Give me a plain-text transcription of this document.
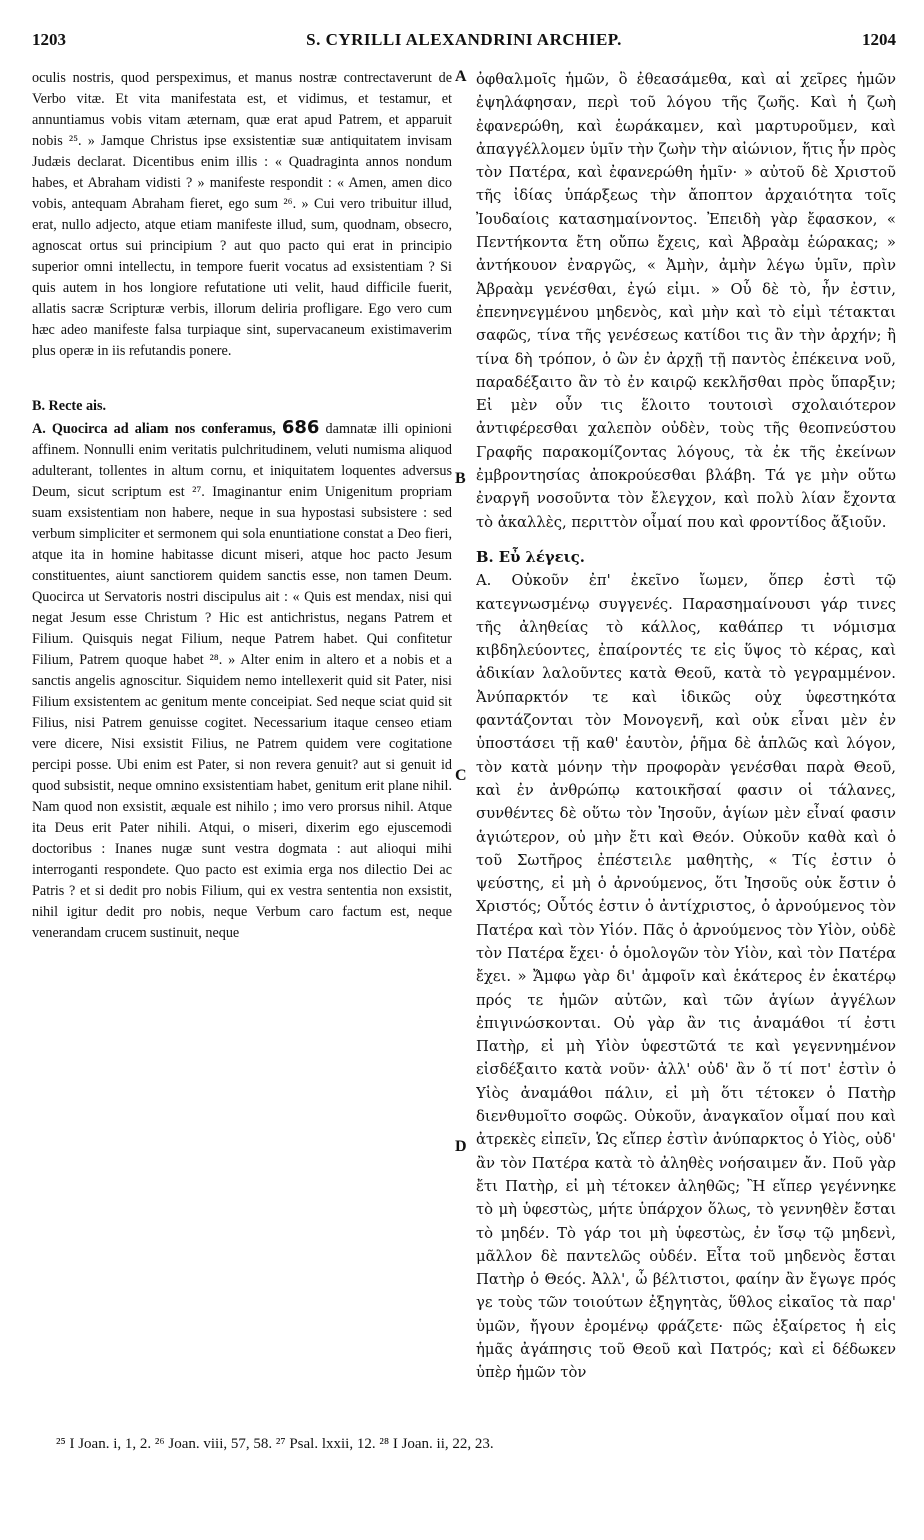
1203	S. CYRILLI ALEXANDRINI ARCHIEP.	1204

oculis nostris, quod perspeximus, et manus nostræ contrectaverunt de Verbo vitæ. Et vita manifestata est, et vidimus, et testamur, et annuntiamus vobis vitam æternam, quæ erat apud Patrem, et apparuit nobis ²⁵. » Jamque Christus ipse exsistentiæ suæ antiquitatem invisam Judæis declarat. Dicentibus enim illis : « Quadraginta annos nondum habes, et Abraham vidisti ? » manifeste respondit : « Amen, amen dico vobis, antequam Abraham fieret, ego sum ²⁶. » Cui vero tribuitur illud, erat, nullo adjecto, atque etiam manifeste illud, sum, quodnam, obsecro, agnoscat ortus sui principium ? aut quo pacto qui erat in principio superior omni intellectu, in tempore fuerit vocatus ad exsistentiam ? Si quis autem in hos longiore refutatione uti velit, haud difficile fuerit, allatis sacræ Scripturæ verbis, illorum deliria profligare. Ego vero cum hæc adeo manifeste falsa turpiaque sint, supervacaneum existimaverim plus operæ in iis refutandis ponere.

B. Recte ais.

A. Quocirca ad aliam nos conferamus, 686 damnatæ illi opinioni affinem. Nonnulli enim veritatis pulchritudinem, veluti numisma aliquod adulterant, tollentes in altum cornu, et iniquitatem loquentes adversus Deum, sicut scriptum est ²⁷. Imaginantur enim Unigenitum propriam suam exsistentiam non habere, neque in sua hypostasi subsistere : sed verbum simpliciter et sermonem qui sola enuntiatione constat a Deo fieri, atque ita in homine habitasse dicunt miseri, atque hoc pacto Jesum constituentes, aiunt sanctiorem quidem sanctis esse, non tamen Deum. Quocirca ut Servatoris nostri discipulus ait : « Quis est mendax, nisi qui negat Jesum esse Christum ? Hic est antichristus, negans Patrem et Filium. Quisquis negat Filium, neque Patrem habet. Qui confitetur Filium, Patrem quoque habet ²⁸. » Alter enim in altero et a nobis et a sanctis angelis agnoscitur. Siquidem nemo intellexerit quid sit Pater, nisi Filium exsistentem ac genitum mente conceipiat. Sed neque sciat quid sit Filius, nisi Patrem genuisse cogitet. Necessarium itaque censeo etiam vere dicere, Nisi exsistit Filius, ne Patrem quidem vere cogitatione percipi posse. Ubi enim est Pater, si non revera genuit? aut si genuit id quod subsistit, neque omnino exsistentiam habet, genitum erit plane nihil. Nam quod non exsistit, æquale est nihilo ; imo vero prorsus nihil. Atque ita Deus erit Pater nihili. Atqui, o miseri, dixerim ego ejuscemodi doctoribus : Inanes nugæ sunt vestra dogmata : aut alioqui mihi interroganti respondete. Quo pacto est eximia erga nos dilectio Dei ac Patris ? et si dedit pro nobis Filium, qui ex vestra sententia non exsistit, nihil igitur dedit pro nobis, neque Verbum caro factum est, neque venerandam crucem sustinuit, neque

ὀφθαλμοῖς ἡμῶν, ὃ ἐθεασάμεθα, καὶ αἱ χεῖρες ἡμῶν ἐψηλάφησαν, περὶ τοῦ λόγου τῆς ζωῆς. Καὶ ἡ ζωὴ ἐφανερώθη, καὶ ἑωράκαμεν, καὶ μαρτυροῦμεν, καὶ ἀπαγγέλλομεν ὑμῖν τὴν ζωὴν τὴν αἰώνιον, ἥτις ἦν πρὸς τὸν Πατέρα, καὶ ἐφανερώθη ἡμῖν· » αὐτοῦ δὲ Χριστοῦ τῆς ἰδίας ὑπάρξεως τὴν ἄποπτον ἀρχαιότητα τοῖς Ἰουδαίοις κατασημαίνοντος. Ἐπειδὴ γὰρ ἔφασκον, « Πεντήκοντα ἔτη οὔπω ἔχεις, καὶ Ἀβραὰμ ἑώρακας; » ἀντήκουον ἐναργῶς, « Ἀμὴν, ἀμὴν λέγω ὑμῖν, πρὶν Ἀβραὰμ γενέσθαι, ἐγώ εἰμι. » Οὗ δὲ τὸ, ἦν ἐστιν, ἐπενηνεγμένου μηδενὸς, καὶ μὴν καὶ τὸ εἰμὶ τέτακται σαφῶς, τίνα τῆς γενέσεως κατίδοι τις ἂν τὴν ἀρχήν; ἢ τίνα δὴ τρόπον, ὁ ὢν ἐν ἀρχῇ τῇ παντὸς ἐπέκεινα νοῦ, παραδέξαιτο ἂν τὸ ἐν καιρῷ κεκλῆσθαι πρὸς ὕπαρξιν; Εἰ μὲν οὖν τις ἕλοιτο τουτοισὶ σχολαιότερον ἀντιφέρεσθαι χαλεπὸν οὐδὲν, τοὺς τῆς θεοπνεύστου Γραφῆς παρακομίζοντας λόγους, τὰ ἐκ τῆς ἐκείνων ἐμβροντησίας ἀποκρούεσθαι βλάβη. Τά γε μὴν οὕτω ἐναργῆ νοσοῦντα τὸν ἔλεγχον, καὶ πολὺ λίαν ἔχοντα τὸ ἀκαλλὲς, περιττὸν οἶμαί που καὶ φροντίδος ἄξιοῦν.

Β. Εὖ λέγεις.

Α. Οὐκοῦν ἐπ' ἐκεῖνο ἴωμεν, ὅπερ ἐστὶ τῷ κατεγνωσμένῳ συγγενές. Παρασημαίνουσι γάρ τινες τῆς ἀληθείας τὸ κάλλος, καθάπερ τι νόμισμα κιβδηλεύοντες, ἐπαίροντές τε εἰς ὕψος τὸ κέρας, καὶ ἀδικίαν λαλοῦντες κατὰ Θεοῦ, κατὰ τὸ γεγραμμένον. Ἀνύπαρκτόν τε καὶ ἰδικῶς οὐχ ὑφεστηκότα φαντάζονται τὸν Μονογενῆ, καὶ οὐκ εἶναι μὲν ἐν ὑποστάσει τῇ καθ' ἑαυτὸν, ῥῆμα δὲ ἁπλῶς καὶ λόγον, τὸν κατὰ μόνην τὴν προφορὰν γενέσθαι παρὰ Θεοῦ, καὶ ἐν ἀνθρώπῳ κατοικῆσαί φασιν οἱ τάλανες, συνθέντες δὲ οὕτω τὸν Ἰησοῦν, ἁγίων μὲν εἶναί φασιν ἁγιώτερον, οὐ μὴν ἔτι καὶ Θεόν. Οὐκοῦν καθὰ καὶ ὁ τοῦ Σωτῆρος ἐπέστειλε μαθητὴς, « Τίς ἐστιν ὁ ψεύστης, εἰ μὴ ὁ ἀρνούμενος, ὅτι Ἰησοῦς οὐκ ἔστιν ὁ Χριστός; Οὗτός ἐστιν ὁ ἀντίχριστος, ὁ ἀρνούμενος τὸν Πατέρα καὶ τὸν Υἱόν. Πᾶς ὁ ἀρνούμενος τὸν Υἱὸν, οὐδὲ τὸν Πατέρα ἔχει· ὁ ὁμολογῶν τὸν Υἱὸν, καὶ τὸν Πατέρα ἔχει. » Ἄμφω γὰρ δι' ἀμφοῖν καὶ ἑκάτερος ἐν ἑκατέρῳ πρός τε ἡμῶν αὐτῶν, καὶ τῶν ἁγίων ἀγγέλων ἐπιγινώσκονται. Οὐ γὰρ ἂν τις ἀναμάθοι τί ἐστι Πατὴρ, εἰ μὴ Υἱὸν ὑφεστῶτά τε καὶ γεγεννημένον εἰσδέξαιτο κατὰ νοῦν· ἀλλ' οὐδ' ἂν ὅ τί ποτ' ἐστὶν ὁ Υἱὸς ἀναμάθοι πάλιν, εἰ μὴ ὅτι τέτοκεν ὁ Πατὴρ διενθυμοῖτο σοφῶς. Οὐκοῦν, ἀναγκαῖον οἶμαί που καὶ ἀτρεκὲς εἰπεῖν, Ὡς εἴπερ ἐστὶν ἀνύπαρκτος ὁ Υἱὸς, οὐδ' ἂν τὸν Πατέρα κατὰ τὸ ἀληθὲς νοήσαιμεν ἄν. Ποῦ γὰρ ἔτι Πατὴρ, εἰ μὴ τέτοκεν ἀληθῶς; Ἢ εἴπερ γεγέννηκε τὸ μὴ ὑφεστὼς, μήτε ὑπάρχον ὅλως, τὸ γεννηθὲν ἔσται τὸ μηδέν. Τὸ γάρ τοι μὴ ὑφεστὼς, ἐν ἴσῳ τῷ μηδενὶ, μᾶλλον δὲ παντελῶς οὐδέν. Εἶτα τοῦ μηδενὸς ἔσται Πατὴρ ὁ Θεός. Ἀλλ', ὦ βέλτιστοι, φαίην ἂν ἔγωγε πρός γε τοὺς τῶν τοιούτων ἐξηγητὰς, ὕθλος εἰκαῖος τὰ παρ' ὑμῶν, ἤγουν ἐρομένῳ φράζετε· πῶς ἐξαίρετος ἡ εἰς ἡμᾶς ἀγάπησις τοῦ Θεοῦ καὶ Πατρός; καὶ εἰ δέδωκεν ὑπὲρ ἡμῶν τὸν

A
B
C
D
²⁵ I Joan. i, 1, 2. ²⁶ Joan. viii, 57, 58. ²⁷ Psal. lxxii, 12. ²⁸ I Joan. ii, 22, 23.
